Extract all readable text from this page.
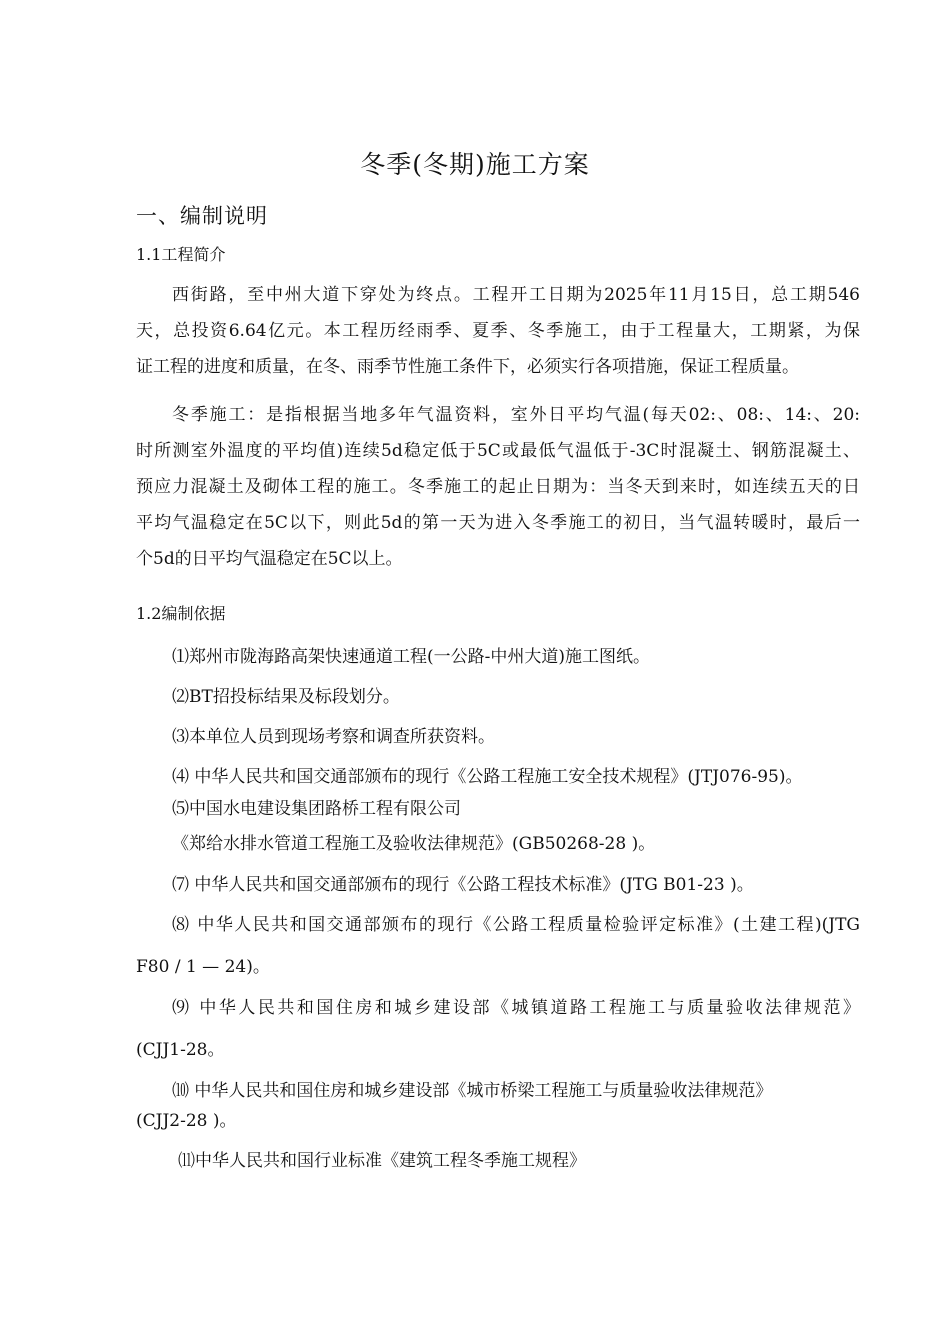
冬季(冬期)施工方案
一、编制说明
1.1工程简介
西街路，至中州大道下穿处为终点。工程开工日期为2025年11月15日，总工期546
天，总投资6.64亿元。本工程历经雨季、夏季、冬季施工，由于工程量大，工期紧，为保
证工程的进度和质量，在冬、雨季节性施工条件下，必须实行各项措施，保证工程质量。
冬季施工：是指根据当地多年气温资料，室外日平均气温(每天02:、08:、14:、20:
时所测室外温度的平均值)连续5d稳定低于5C或最低气温低于-3C时混凝土、钢筋混凝土、
预应力混凝土及砌体工程的施工。冬季施工的起止日期为：当冬天到来时，如连续五天的日
平均气温稳定在5C以下，则此5d的第一天为进入冬季施工的初日，当气温转暖时，最后一
个5d的日平均气温稳定在5C以上。
1.2编制依据
⑴郑州市陇海路高架快速通道工程(一公路-中州大道)施工图纸。
⑵BT招投标结果及标段划分。
⑶本单位人员到现场考察和调查所获资料。
⑷ 中华人民共和国交通部颁布的现行《公路工程施工安全技术规程》(JTJ076-95)。
⑸中国水电建设集团路桥工程有限公司
《郑给水排水管道工程施工及验收法律规范》(GB50268-28 )。
⑺ 中华人民共和国交通部颁布的现行《公路工程技术标准》(JTG B01-23 )。
⑻ 中华人民共和国交通部颁布的现行《公路工程质量检验评定标准》(土建工程)(JTG
F80 / 1 — 24)。
⑼ 中华人民共和国住房和城乡建设部《城镇道路工程施工与质量验收法律规范》
(CJJ1-28。
⑽ 中华人民共和国住房和城乡建设部《城市桥梁工程施工与质量验收法律规范》
(CJJ2-28 )。
⑾中华人民共和国行业标准《建筑工程冬季施工规程》
